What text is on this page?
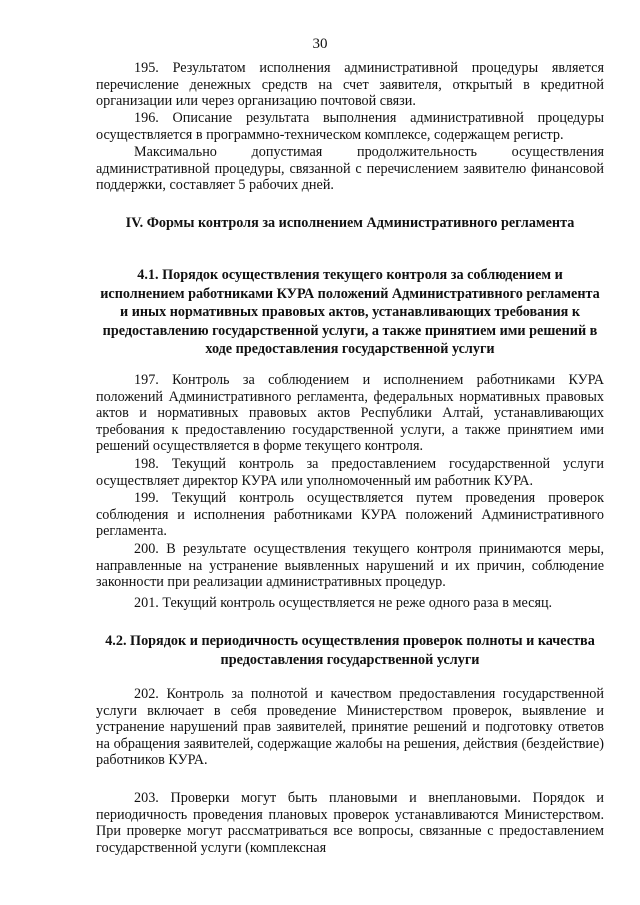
30

195. Результатом исполнения административной процедуры является перечисление денежных средств на счет заявителя, открытый в кредитной организации или через организацию почтовой связи.

196. Описание результата выполнения административной процедуры осуществляется в программно-техническом комплексе, содержащем регистр.

Максимально допустимая продолжительность осуществления административной процедуры, связанной с перечислением заявителю финансовой поддержки, составляет 5 рабочих дней.

IV. Формы контроля за исполнением Административного регламента
4.1. Порядок осуществления текущего контроля за соблюдением и исполнением работниками КУРА положений Административного регламента и иных нормативных правовых актов, устанавливающих требования к предоставлению государственной услуги, а также принятием ими решений в ходе предоставления государственной услуги

197. Контроль за соблюдением и исполнением работниками КУРА положений Административного регламента, федеральных нормативных правовых актов и нормативных правовых актов Республики Алтай, устанавливающих требования к предоставлению государственной услуги, а также принятием ими решений осуществляется в форме текущего контроля.

198. Текущий контроль за предоставлением государственной услуги осуществляет директор КУРА или уполномоченный им работник КУРА.

199. Текущий контроль осуществляется путем проведения проверок соблюдения и исполнения работниками КУРА положений Административного регламента.

200. В результате осуществления текущего контроля принимаются меры, направленные на устранение выявленных нарушений и их причин, соблюдение законности при реализации административных процедур.

201. Текущий контроль осуществляется не реже одного раза в месяц.

4.2. Порядок и периодичность осуществления проверок полноты и качества предоставления государственной услуги

202. Контроль за полнотой и качеством предоставления государственной услуги включает в себя проведение Министерством проверок, выявление и устранение нарушений прав заявителей, принятие решений и подготовку ответов на обращения заявителей, содержащие жалобы на решения, действия (бездействие) работников КУРА.

203. Проверки могут быть плановыми и внеплановыми. Порядок и периодичность проведения плановых проверок устанавливаются Министерством. При проверке могут рассматриваться все вопросы, связанные с предоставлением государственной услуги (комплексная
